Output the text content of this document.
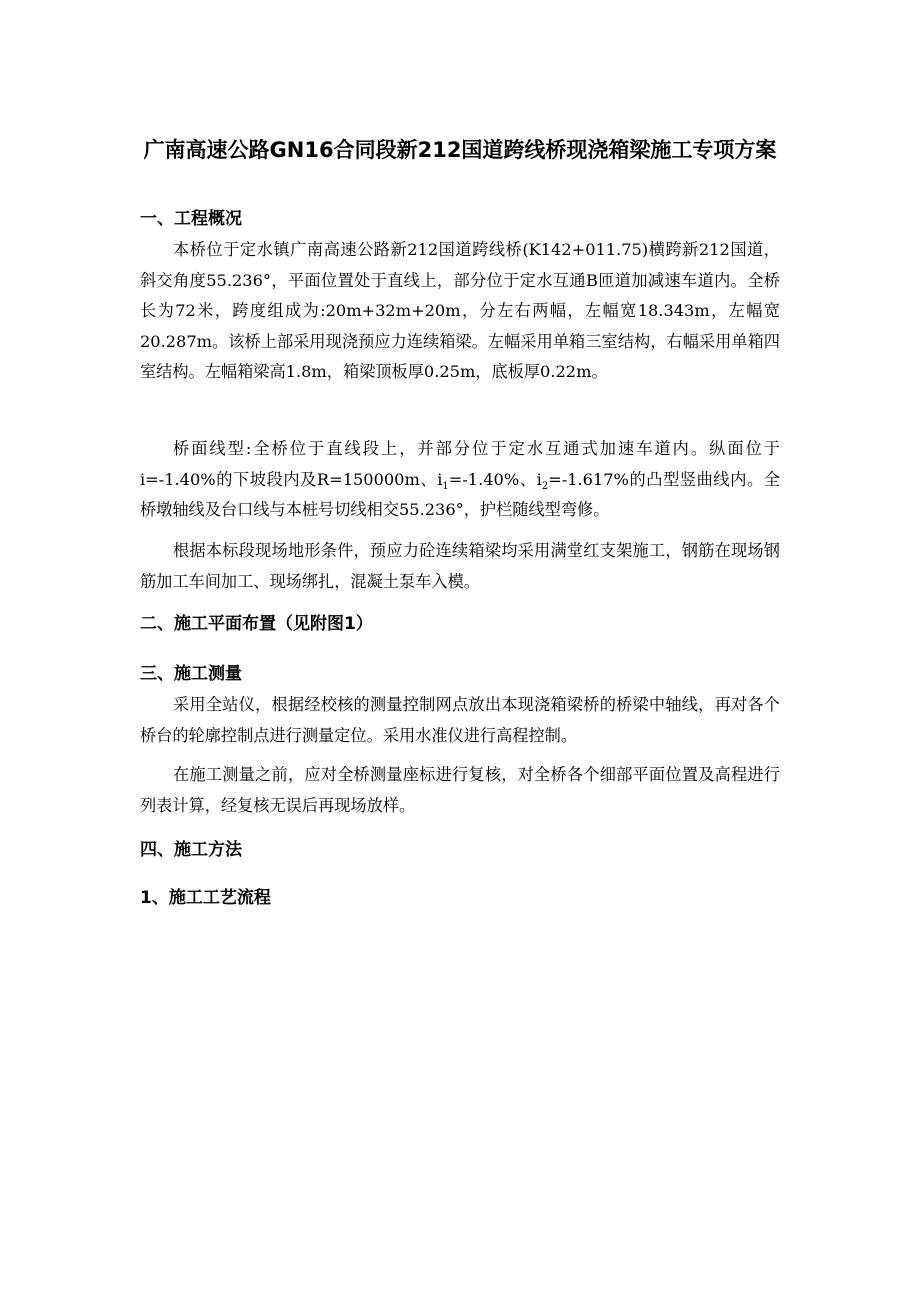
广南高速公路GN16合同段新212国道跨线桥现浇箱梁施工专项方案
一、工程概况

本桥位于定水镇广南高速公路新212国道跨线桥(K142+011.75)横跨新212国道，斜交角度55.236°，平面位置处于直线上，部分位于定水互通B匝道加减速车道内。全桥长为72米，跨度组成为:20m+32m+20m，分左右两幅，左幅宽18.343m，左幅宽20.287m。该桥上部采用现浇预应力连续箱梁。左幅采用单箱三室结构，右幅采用单箱四室结构。左幅箱梁高1.8m，箱梁顶板厚0.25m，底板厚0.22m。

桥面线型:全桥位于直线段上，并部分位于定水互通式加速车道内。纵面位于i=-1.40%的下坡段内及R=150000m、$i_1=-1.40\%$、$i_2=-1.617\%$的凸型竖曲线内。全桥墩轴线及台口线与本桩号切线相交55.236°，护栏随线型弯修。

根据本标段现场地形条件，预应力砼连续箱梁均采用满堂红支架施工，钢筋在现场钢筋加工车间加工、现场绑扎，混凝土泵车入模。

二、施工平面布置（见附图1）
三、施工测量

采用全站仪，根据经校核的测量控制网点放出本现浇箱梁桥的桥梁中轴线，再对各个桥台的轮廓控制点进行测量定位。采用水准仪进行高程控制。

在施工测量之前，应对全桥测量座标进行复核，对全桥各个细部平面位置及高程进行列表计算，经复核无误后再现场放样。

四、施工方法
1、施工工艺流程
